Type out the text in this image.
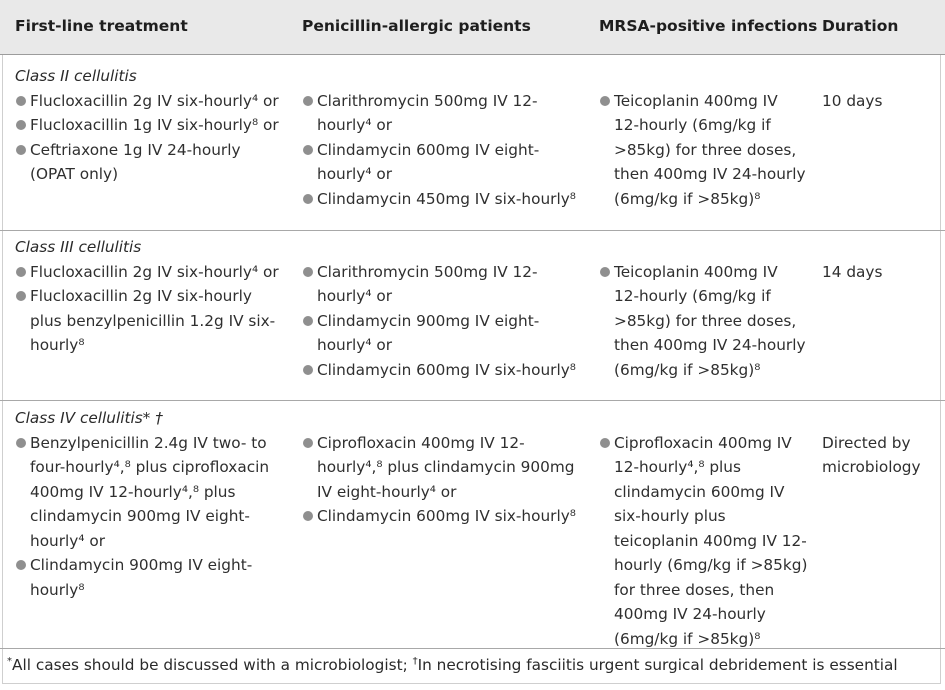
First-line treatment	Penicillin-allergic patients	MRSA-positive infections Duration
Class II cellulitis
Flucloxacillin 2g IV six-hourly⁴ or
Flucloxacillin 1g IV six-hourly⁸ or
Ceftriaxone 1g IV 24-hourly
(OPAT only)
Clarithromycin 500mg IV 12-
hourly⁴ or
Clindamycin 600mg IV eight-
hourly⁴ or
Clindamycin 450mg IV six-hourly⁸
Teicoplanin 400mg IV
12-hourly (6mg/kg if
>85kg) for three doses,
then 400mg IV 24-hourly
(6mg/kg if >85kg)⁸
10 days
Class III cellulitis
Flucloxacillin 2g IV six-hourly⁴ or
Flucloxacillin 2g IV six-hourly
plus benzylpenicillin 1.2g IV six-
hourly⁸
Clarithromycin 500mg IV 12-
hourly⁴ or
Clindamycin 900mg IV eight-
hourly⁴ or
Clindamycin 600mg IV six-hourly⁸
Teicoplanin 400mg IV
12-hourly (6mg/kg if
>85kg) for three doses,
then 400mg IV 24-hourly
(6mg/kg if >85kg)⁸
14 days
Class IV cellulitis* †
Benzylpenicillin 2.4g IV two- to
four-hourly⁴,⁸ plus ciprofloxacin
400mg IV 12-hourly⁴,⁸ plus
clindamycin 900mg IV eight-
hourly⁴ or
Clindamycin 900mg IV eight-
hourly⁸
Ciprofloxacin 400mg IV 12-
hourly⁴,⁸ plus clindamycin 900mg
IV eight-hourly⁴ or
Clindamycin 600mg IV six-hourly⁸
Ciprofloxacin 400mg IV
12-hourly⁴,⁸ plus
clindamycin 600mg IV
six-hourly plus
teicoplanin 400mg IV 12-
hourly (6mg/kg if >85kg)
for three doses, then
400mg IV 24-hourly
(6mg/kg if >85kg)⁸
Directed by
microbiology
*All cases should be discussed with a microbiologist; †In necrotising fasciitis urgent surgical debridement is essential
